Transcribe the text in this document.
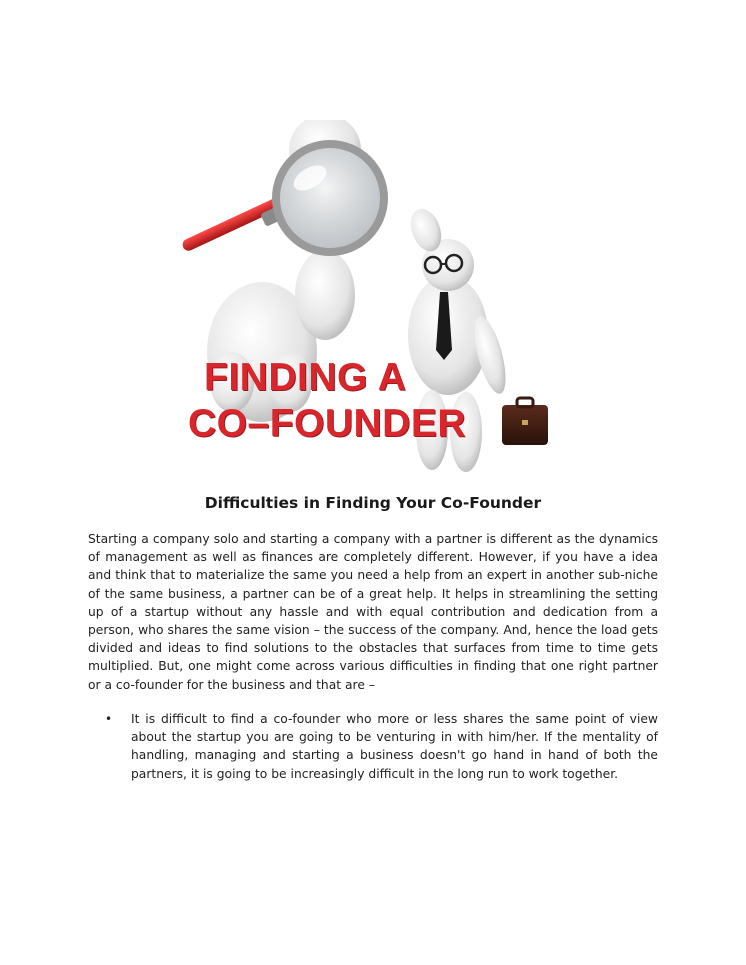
FINDING A
CO–FOUNDER
Difficulties in Finding Your Co-Founder

Starting a company solo and starting a company with a partner is different as the dynamics of management as well as finances are completely different. However, if you have a idea and think that to materialize the same you need a help from an expert in another sub-niche of the same business, a partner can be of a great help. It helps in streamlining the setting up of a startup without any hassle and with equal contribution and dedication from a person, who shares the same vision – the success of the company. And, hence the load gets divided and ideas to find solutions to the obstacles that surfaces from time to time gets multiplied. But, one might come across various difficulties in finding that one right partner or a co-founder for the business and that are –

• It is difficult to find a co-founder who more or less shares the same point of view about the startup you are going to be venturing in with him/her. If the mentality of handling, managing and starting a business doesn't go hand in hand of both the partners, it is going to be increasingly difficult in the long run to work together.
